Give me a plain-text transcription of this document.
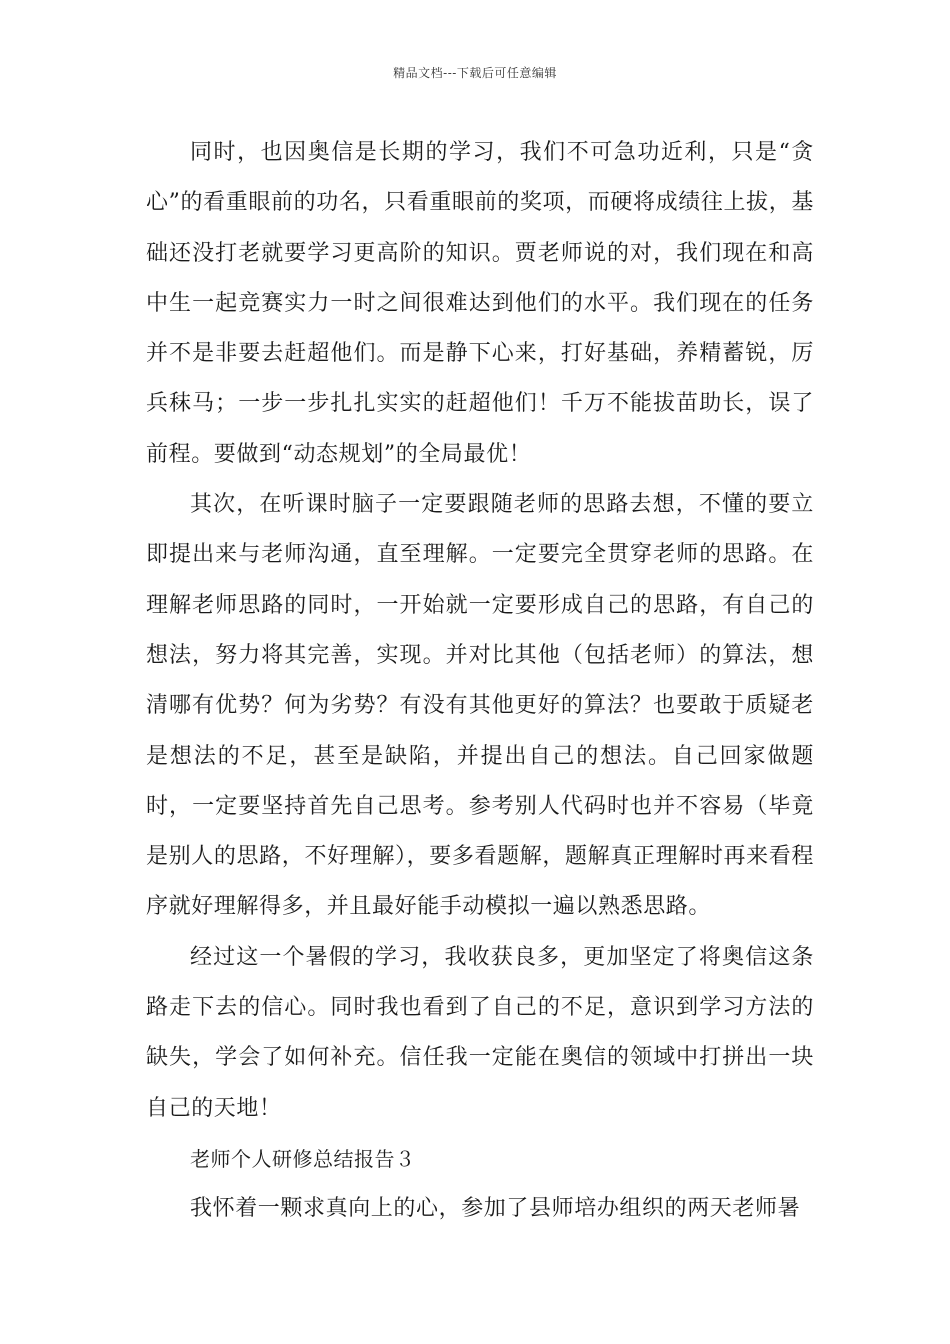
精品文档---下载后可任意编辑

同时，也因奥信是长期的学习，我们不可急功近利，只是“贪心”的看重眼前的功名，只看重眼前的奖项，而硬将成绩往上拔，基础还没打老就要学习更高阶的知识。贾老师说的对，我们现在和高中生一起竞赛实力一时之间很难达到他们的水平。我们现在的任务并不是非要去赶超他们。而是静下心来，打好基础，养精蓄锐，厉兵秣马；一步一步扎扎实实的赶超他们！千万不能拔苗助长，误了前程。要做到“动态规划”的全局最优！

其次，在听课时脑子一定要跟随老师的思路去想，不懂的要立即提出来与老师沟通，直至理解。一定要完全贯穿老师的思路。在理解老师思路的同时，一开始就一定要形成自己的思路，有自己的想法，努力将其完善，实现。并对比其他（包括老师）的算法，想清哪有优势？何为劣势？有没有其他更好的算法？也要敢于质疑老是想法的不足，甚至是缺陷，并提出自己的想法。自己回家做题时，一定要坚持首先自己思考。参考别人代码时也并不容易（毕竟是别人的思路，不好理解），要多看题解，题解真正理解时再来看程序就好理解得多，并且最好能手动模拟一遍以熟悉思路。

经过这一个暑假的学习，我收获良多，更加坚定了将奥信这条路走下去的信心。同时我也看到了自己的不足，意识到学习方法的缺失，学会了如何补充。信任我一定能在奥信的领域中打拼出一块自己的天地！

老师个人研修总结报告３

我怀着一颗求真向上的心，参加了县师培办组织的两天老师暑
